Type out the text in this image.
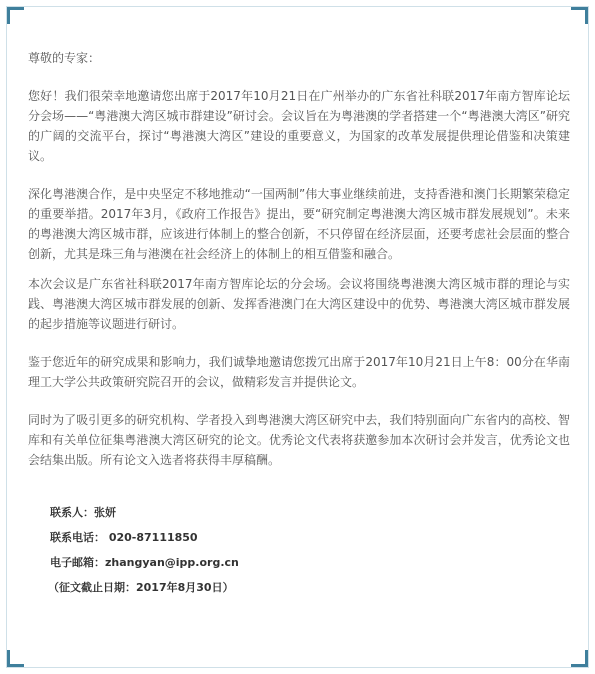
尊敬的专家：

您好！我们很荣幸地邀请您出席于2017年10月21日在广州举办的广东省社科联2017年南方智库论坛分会场——“粤港澳大湾区城市群建设”研讨会。会议旨在为粤港澳的学者搭建一个“粤港澳大湾区”研究的广阔的交流平台，探讨“粤港澳大湾区”建设的重要意义，为国家的改革发展提供理论借鉴和决策建议。

深化粤港澳合作，是中央坚定不移地推动“一国两制”伟大事业继续前进，支持香港和澳门长期繁荣稳定的重要举措。2017年3月，《政府工作报告》提出，要“研究制定粤港澳大湾区城市群发展规划”。未来的粤港澳大湾区城市群，应该进行体制上的整合创新，不只停留在经济层面，还要考虑社会层面的整合创新，尤其是珠三角与港澳在社会经济上的体制上的相互借鉴和融合。

本次会议是广东省社科联2017年南方智库论坛的分会场。会议将围绕粤港澳大湾区城市群的理论与实践、粤港澳大湾区城市群发展的创新、发挥香港澳门在大湾区建设中的优势、粤港澳大湾区城市群发展的起步措施等议题进行研讨。

鉴于您近年的研究成果和影响力，我们诚挚地邀请您拨冗出席于2017年10月21日上午8：00分在华南理工大学公共政策研究院召开的会议，做精彩发言并提供论文。

同时为了吸引更多的研究机构、学者投入到粤港澳大湾区研究中去，我们特别面向广东省内的高校、智库和有关单位征集粤港澳大湾区研究的论文。优秀论文代表将获邀参加本次研讨会并发言，优秀论文也会结集出版。所有论文入选者将获得丰厚稿酬。

联系人：张妍
联系电话： 020-87111850
电子邮箱：zhangyan@ipp.org.cn
（征文截止日期：2017年8月30日）
